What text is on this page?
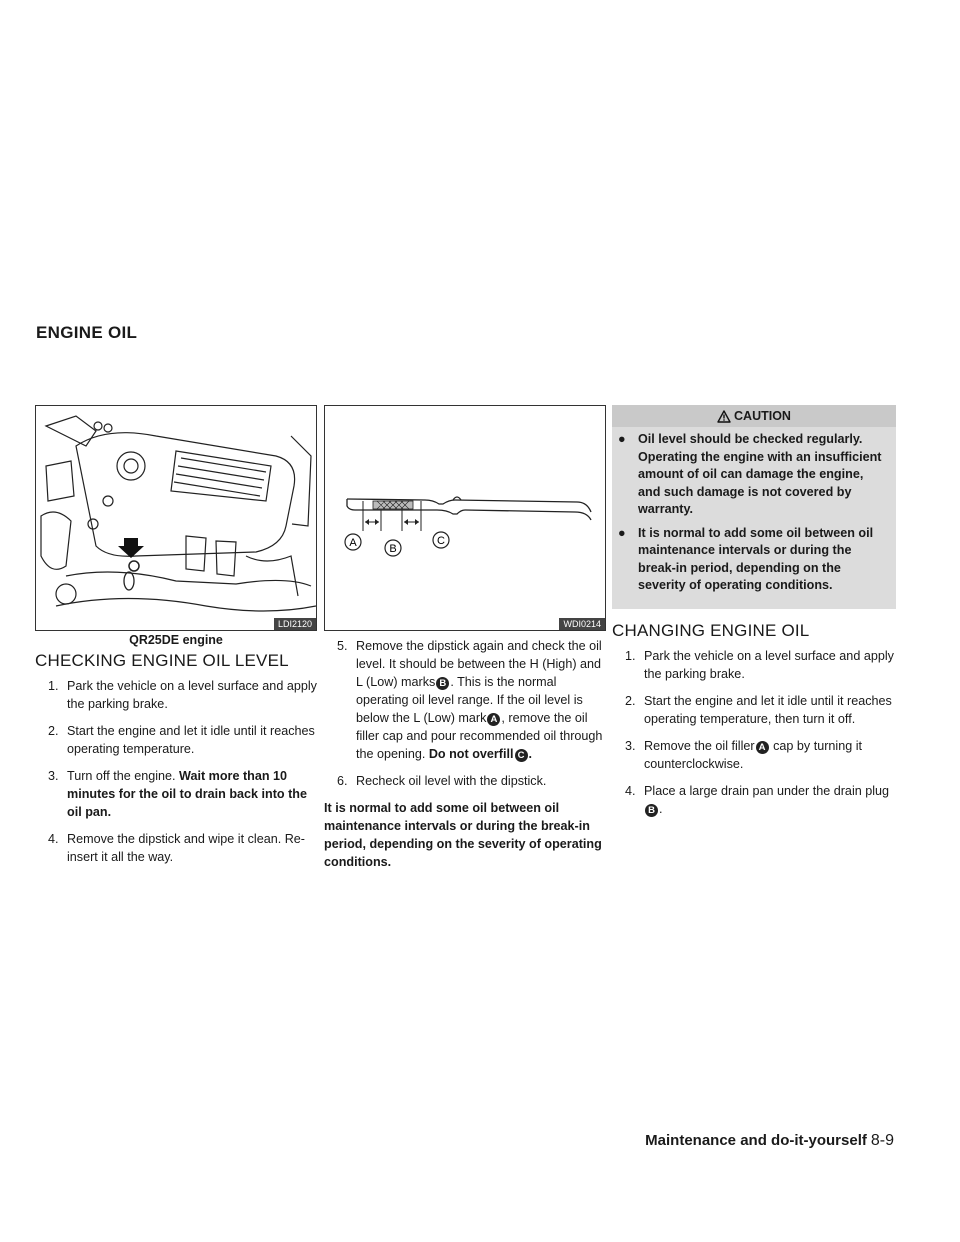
ENGINE OIL
LDI2120
QR25DE engine
CHECKING ENGINE OIL LEVEL
1. Park the vehicle on a level surface and apply the parking brake.
2. Start the engine and let it idle until it reaches operating temperature.
3. Turn off the engine. Wait more than 10 minutes for the oil to drain back into the oil pan.
4. Remove the dipstick and wipe it clean. Re-insert it all the way.
A	B
C
WDI0214
5. Remove the dipstick again and check the oil level. It should be between the H (High) and L (Low) marks B . This is the normal operating oil level range. If the oil level is below the L (Low) mark A , remove the oil filler cap and pour recommended oil through the opening. Do not overfill C .
6. Recheck oil level with the dipstick.

It is normal to add some oil between oil maintenance intervals or during the break-in period, depending on the severity of operating conditions.

CAUTION
● Oil level should be checked regularly. Operating the engine with an insufficient amount of oil can damage the engine, and such damage is not covered by warranty.
● It is normal to add some oil between oil maintenance intervals or during the break-in period, depending on the severity of operating conditions.
CHANGING ENGINE OIL
1. Park the vehicle on a level surface and apply the parking brake.
2. Start the engine and let it idle until it reaches operating temperature, then turn it off.
3. Remove the oil filler A cap by turning it counterclockwise.
4. Place a large drain pan under the drain plug B .
Maintenance and do-it-yourself 8-9
